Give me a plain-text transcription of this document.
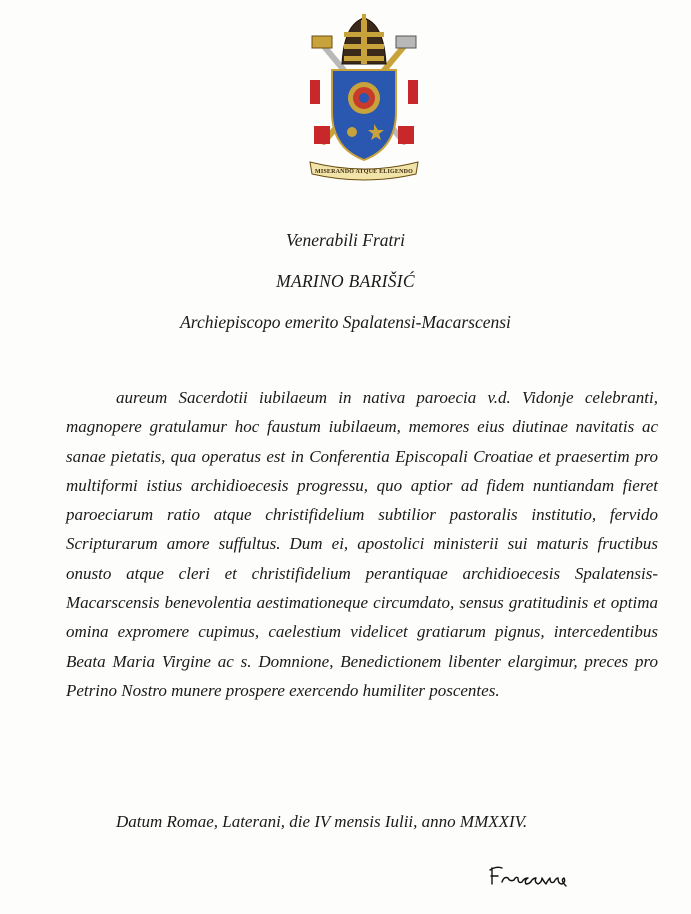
MISERANDO ATQUE ELIGENDO
Venerabili Fratri
MARINO BARIŠIĆ
Archiepiscopo emerito Spalatensi-Macarscensi

aureum Sacerdotii iubilaeum in nativa paroecia v.d. Vidonje celebranti, magnopere gratulamur hoc faustum iubilaeum, memores eius diutinae navitatis ac sanae pietatis, qua operatus est in Conferentia Episcopali Croatiae et praesertim pro multiformi istius archidioecesis progressu, quo aptior ad fidem nuntiandam fieret paroeciarum ratio atque christifidelium subtilior pastoralis institutio, fervido Scripturarum amore suffultus. Dum ei, apostolici ministerii sui maturis fructibus onusto atque cleri et christifidelium perantiquae archidioecesis Spalatensis-Macarscensis benevolentia aestimationeque circumdato, sensus gratitudinis et optima omina expromere cupimus, caelestium videlicet gratiarum pignus, intercedentibus Beata Maria Virgine ac s. Domnione, Benedictionem libenter elargimur, preces pro Petrino Nostro munere prospere exercendo humiliter poscentes.

Datum Romae, Laterani, die IV mensis Iulii, anno MMXXIV.
